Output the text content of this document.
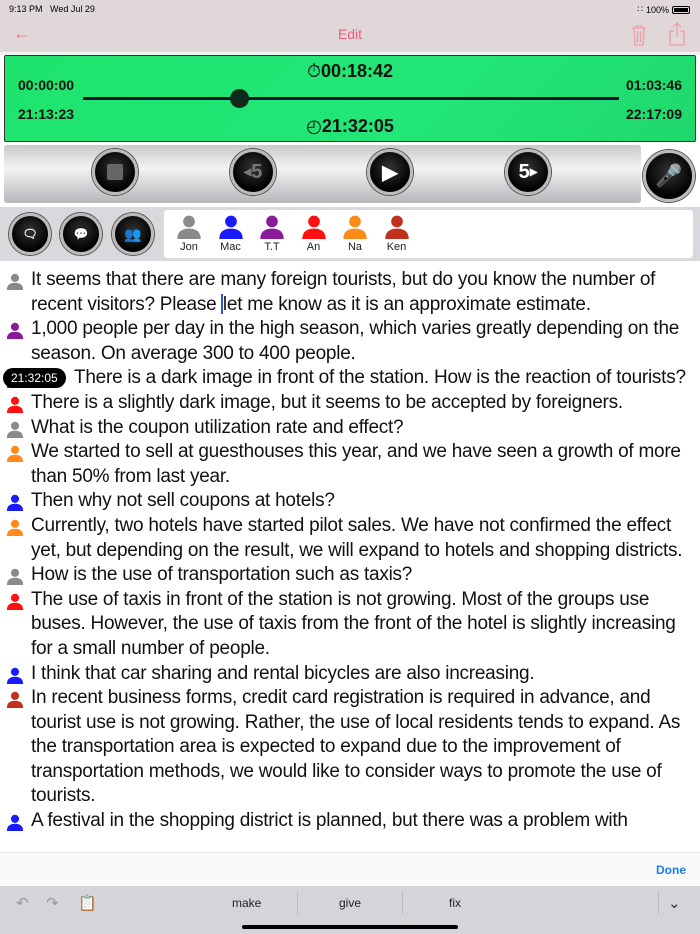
9:13 PM Wed Jul 29	∷ 100%
←	Edit
⏱00:18:42
00:00:00	01:03:46
21:13:23	22:17:09
◴21:32:05
◀ 5	▶	5 ▶	🎤
🗨	💬	👥
Jon	Mac	T.T	An	Na	Ken
It seems that there are many foreign tourists, but do you know the number of recent visitors? Please let me know as it is an approximate estimate.
1,000 people per day in the high season, which varies greatly depending on the season. On average 300 to 400 people.
21:32:05 There is a dark image in front of the station. How is the reaction of tourists?
There is a slightly dark image, but it seems to be accepted by foreigners.
What is the coupon utilization rate and effect?
We started to sell at guesthouses this year, and we have seen a growth of more than 50% from last year.
Then why not sell coupons at hotels?
Currently, two hotels have started pilot sales. We have not confirmed the effect yet, but depending on the result, we will expand to hotels and shopping districts.
How is the use of transportation such as taxis?
The use of taxis in front of the station is not growing. Most of the groups use buses. However, the use of taxis from the front of the hotel is slightly increasing for a small number of people.
I think that car sharing and rental bicycles are also increasing.
In recent business forms, credit card registration is required in advance, and tourist use is not growing. Rather, the use of local residents tends to expand. As the transportation area is expected to expand due to the improvement of transportation methods, we would like to consider ways to promote the use of tourists.
A festival in the shopping district is planned, but there was a problem with
Done
↶ ↷ 📋	make	give	fix	⌄
